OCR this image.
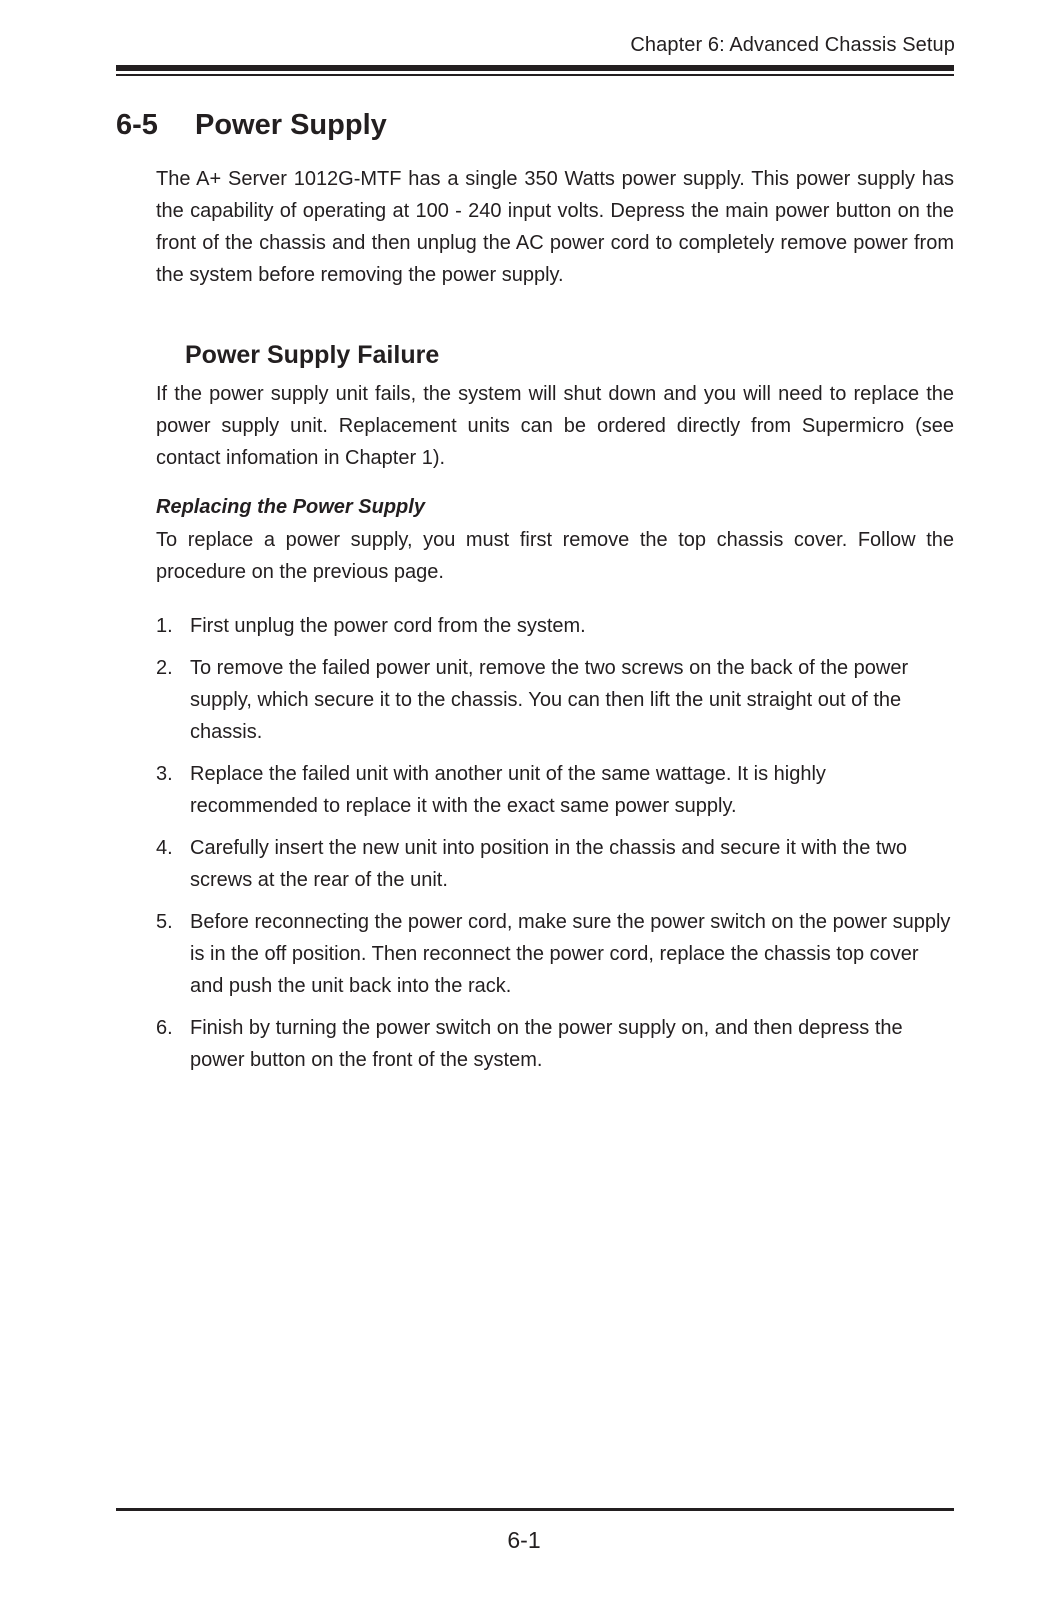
Chapter 6: Advanced Chassis Setup
6-5 Power Supply

The A+ Server 1012G-MTF has a single 350 Watts power supply. This power supply has the capability of operating at 100 - 240 input volts. Depress the main power button on the front of the chassis and then unplug the AC power cord to completely remove power from the system before removing the power supply.

Power Supply Failure

If the power supply unit fails, the system will shut down and you will need to replace the power supply unit. Replacement units can be ordered directly from Supermicro (see contact infomation in Chapter 1).

Replacing the Power Supply

To replace a power supply, you must first remove the top chassis cover. Follow the procedure on the previous page.

1. First unplug the power cord from the system.
2. To remove the failed power unit, remove the two screws on the back of the power supply, which secure it to the chassis. You can then lift the unit straight out of the chassis.
3. Replace the failed unit with another unit of the same wattage. It is highly recommended to replace it with the exact same power supply.
4. Carefully insert the new unit into position in the chassis and secure it with the two screws at the rear of the unit.
5. Before reconnecting the power cord, make sure the power switch on the power supply is in the off position. Then reconnect the power cord, replace the chassis top cover and push the unit back into the rack.
6. Finish by turning the power switch on the power supply on, and then depress the power button on the front of the system.
6-1
